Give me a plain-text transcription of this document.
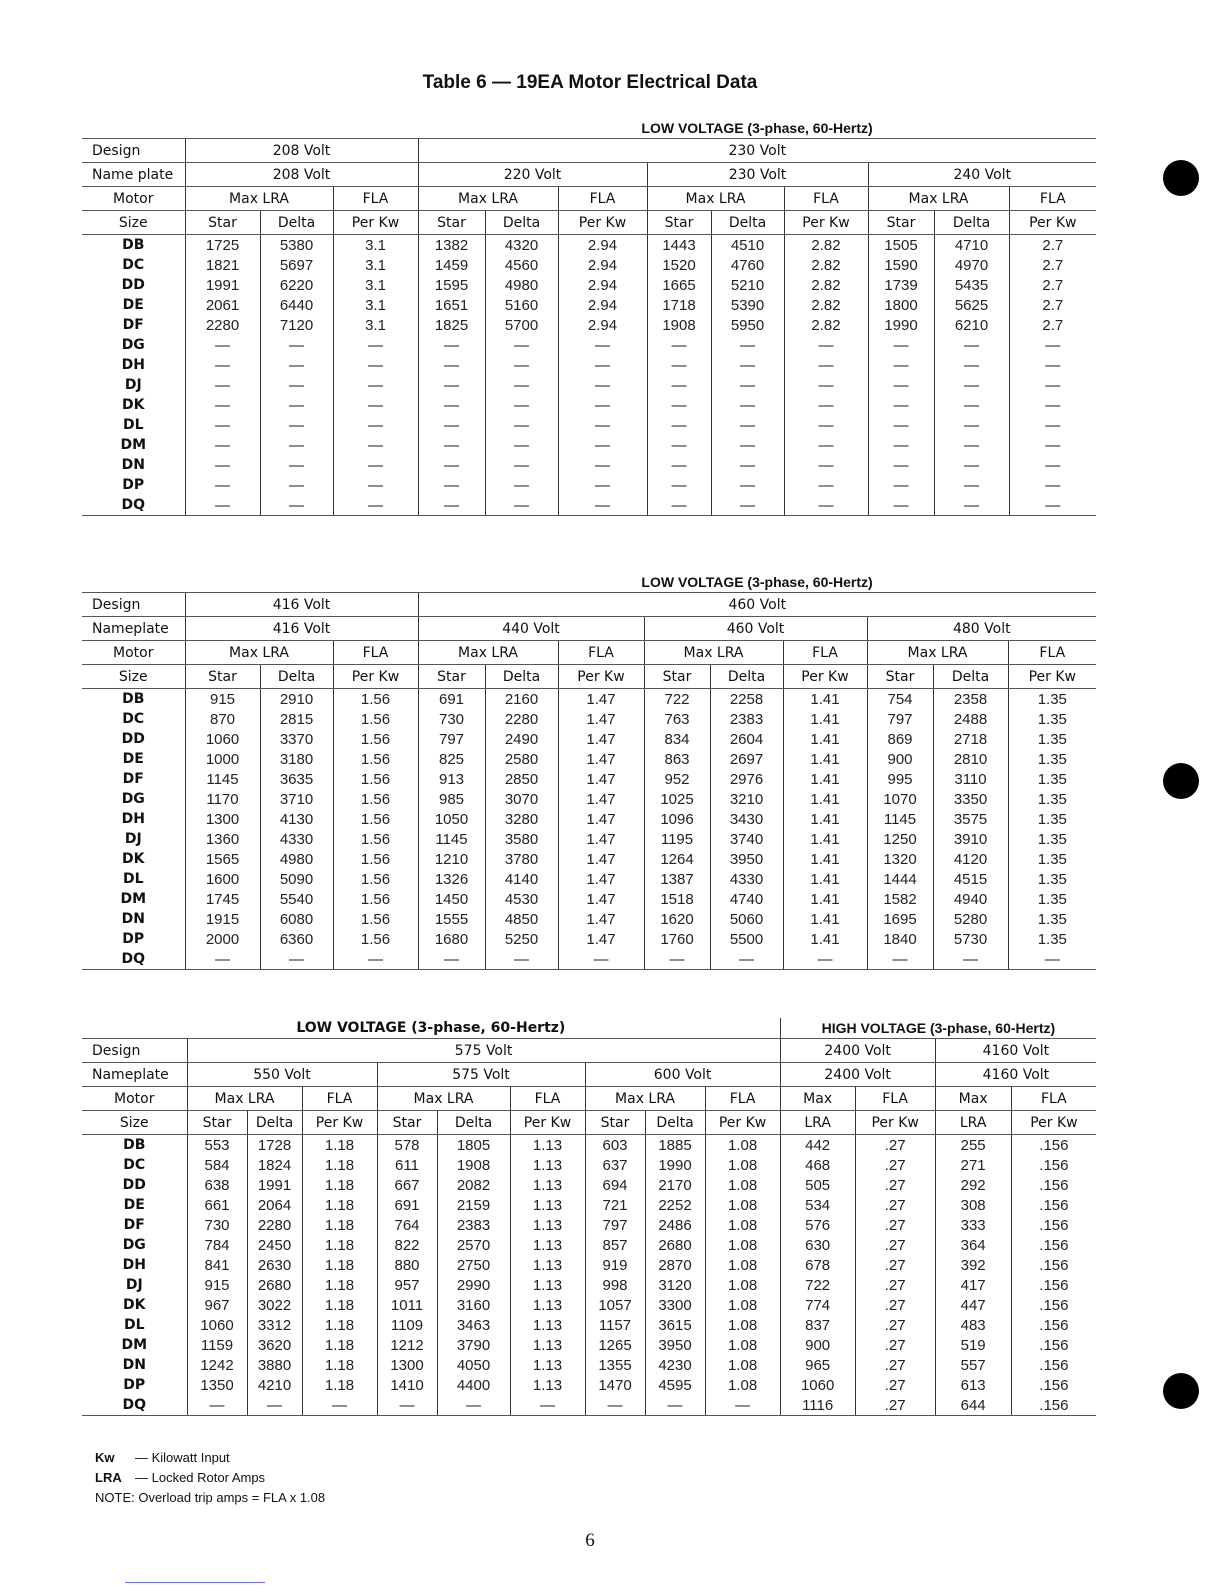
Table 6 — 19EA Motor Electrical Data
				LOW VOLTAGE (3-phase, 60-Hertz)								
Design	208 Volt			230 Volt								
Name plate	208 Volt			220 Volt			230 Volt			240 Volt		
Motor	Max LRA		FLA	Max LRA		FLA	Max LRA		FLA	Max LRA		FLA
Size	Star	Delta	Per Kw	Star	Delta	Per Kw	Star	Delta	Per Kw	Star	Delta	Per Kw
DB	1725	5380	3.1	1382	4320	2.94	1443	4510	2.82	1505	4710	2.7
DC	1821	5697	3.1	1459	4560	2.94	1520	4760	2.82	1590	4970	2.7
DD	1991	6220	3.1	1595	4980	2.94	1665	5210	2.82	1739	5435	2.7
DE	2061	6440	3.1	1651	5160	2.94	1718	5390	2.82	1800	5625	2.7
DF	2280	7120	3.1	1825	5700	2.94	1908	5950	2.82	1990	6210	2.7
DG	—	—	—	—	—	—	—	—	—	—	—	—
DH	—	—	—	—	—	—	—	—	—	—	—	—
DJ	—	—	—	—	—	—	—	—	—	—	—	—
DK	—	—	—	—	—	—	—	—	—	—	—	—
DL	—	—	—	—	—	—	—	—	—	—	—	—
DM	—	—	—	—	—	—	—	—	—	—	—	—
DN	—	—	—	—	—	—	—	—	—	—	—	—
DP	—	—	—	—	—	—	—	—	—	—	—	—
DQ	—	—	—	—	—	—	—	—	—	—	—	—
				LOW VOLTAGE (3-phase, 60-Hertz)								
Design	416 Volt			460 Volt								
Nameplate	416 Volt			440 Volt			460 Volt			480 Volt		
Motor	Max LRA		FLA	Max LRA		FLA	Max LRA		FLA	Max LRA		FLA
Size	Star	Delta	Per Kw	Star	Delta	Per Kw	Star	Delta	Per Kw	Star	Delta	Per Kw
DB	915	2910	1.56	691	2160	1.47	722	2258	1.41	754	2358	1.35
DC	870	2815	1.56	730	2280	1.47	763	2383	1.41	797	2488	1.35
DD	1060	3370	1.56	797	2490	1.47	834	2604	1.41	869	2718	1.35
DE	1000	3180	1.56	825	2580	1.47	863	2697	1.41	900	2810	1.35
DF	1145	3635	1.56	913	2850	1.47	952	2976	1.41	995	3110	1.35
DG	1170	3710	1.56	985	3070	1.47	1025	3210	1.41	1070	3350	1.35
DH	1300	4130	1.56	1050	3280	1.47	1096	3430	1.41	1145	3575	1.35
DJ	1360	4330	1.56	1145	3580	1.47	1195	3740	1.41	1250	3910	1.35
DK	1565	4980	1.56	1210	3780	1.47	1264	3950	1.41	1320	4120	1.35
DL	1600	5090	1.56	1326	4140	1.47	1387	4330	1.41	1444	4515	1.35
DM	1745	5540	1.56	1450	4530	1.47	1518	4740	1.41	1582	4940	1.35
DN	1915	6080	1.56	1555	4850	1.47	1620	5060	1.41	1695	5280	1.35
DP	2000	6360	1.56	1680	5250	1.47	1760	5500	1.41	1840	5730	1.35
DQ	—	—	—	—	—	—	—	—	—	—	—	—
LOW VOLTAGE (3-phase, 60-Hertz)										HIGH VOLTAGE (3-phase, 60-Hertz)			
Design	575 Volt									2400 Volt		4160 Volt	
Nameplate	550 Volt			575 Volt			600 Volt			2400 Volt		4160 Volt	
Motor	Max LRA		FLA	Max LRA		FLA	Max LRA		FLA	Max	FLA	Max	FLA
Size	Star	Delta	Per Kw	Star	Delta	Per Kw	Star	Delta	Per Kw	LRA	Per Kw	LRA	Per Kw
DB	553	1728	1.18	578	1805	1.13	603	1885	1.08	442	.27	255	.156
DC	584	1824	1.18	611	1908	1.13	637	1990	1.08	468	.27	271	.156
DD	638	1991	1.18	667	2082	1.13	694	2170	1.08	505	.27	292	.156
DE	661	2064	1.18	691	2159	1.13	721	2252	1.08	534	.27	308	.156
DF	730	2280	1.18	764	2383	1.13	797	2486	1.08	576	.27	333	.156
DG	784	2450	1.18	822	2570	1.13	857	2680	1.08	630	.27	364	.156
DH	841	2630	1.18	880	2750	1.13	919	2870	1.08	678	.27	392	.156
DJ	915	2680	1.18	957	2990	1.13	998	3120	1.08	722	.27	417	.156
DK	967	3022	1.18	1011	3160	1.13	1057	3300	1.08	774	.27	447	.156
DL	1060	3312	1.18	1109	3463	1.13	1157	3615	1.08	837	.27	483	.156
DM	1159	3620	1.18	1212	3790	1.13	1265	3950	1.08	900	.27	519	.156
DN	1242	3880	1.18	1300	4050	1.13	1355	4230	1.08	965	.27	557	.156
DP	1350	4210	1.18	1410	4400	1.13	1470	4595	1.08	1060	.27	613	.156
DQ	—	—	—	—	—	—	—	—	—	1116	.27	644	.156
Kw — Kilowatt Input
LRA — Locked Rotor Amps
NOTE: Overload trip amps = FLA x 1.08
6
